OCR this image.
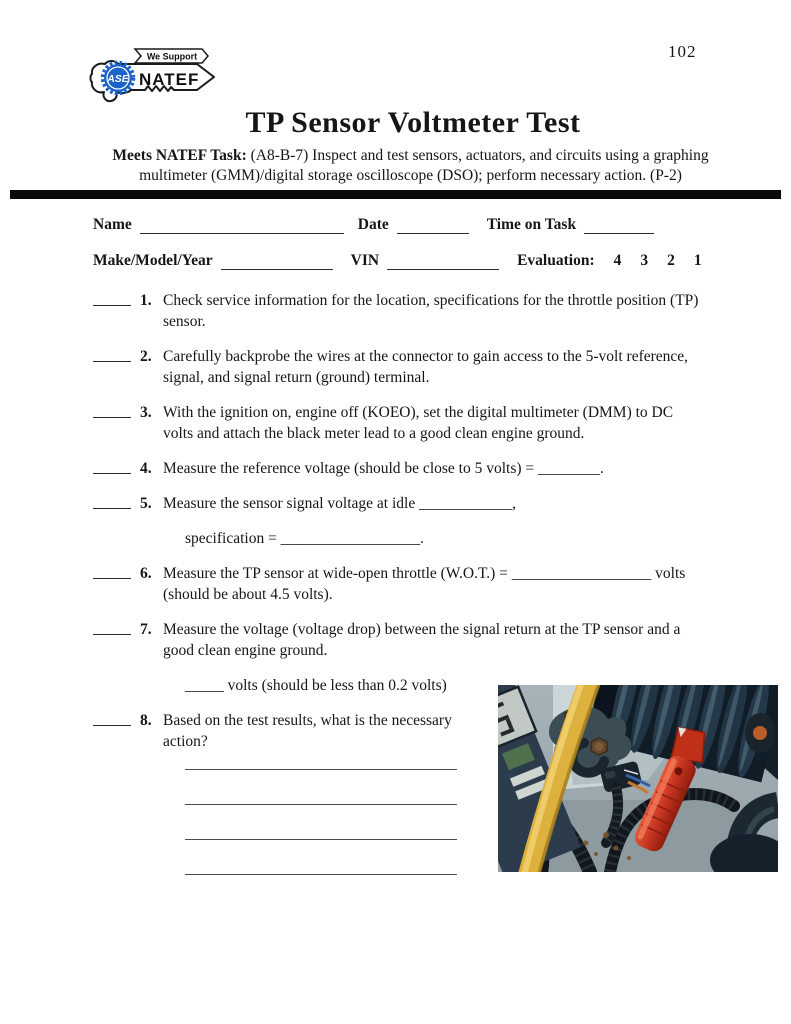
102
We Support
ASE NATEF
TP Sensor Voltmeter Test
Meets NATEF Task: (A8-B-7) Inspect and test sensors, actuators, and circuits using a graphing
multimeter (GMM)/digital storage oscilloscope (DSO); perform necessary action. (P-2)
Name	Date	Time on Task
Make/Model/Year	VIN	Evaluation: 4 3 2 1
1. Check service information for the location, specifications for the throttle position (TP)
sensor.
2. Carefully backprobe the wires at the connector to gain access to the 5-volt reference,
signal, and signal return (ground) terminal.
3. With the ignition on, engine off (KOEO), set the digital multimeter (DMM) to DC
volts and attach the black meter lead to a good clean engine ground.
4. Measure the reference voltage (should be close to 5 volts) = ________.
5. Measure the sensor signal voltage at idle ____________,
specification = __________________.
6. Measure the TP sensor at wide-open throttle (W.O.T.) = __________________ volts
(should be about 4.5 volts).
7. Measure the voltage (voltage drop) between the signal return at the TP sensor and a
good clean engine ground.
_____ volts (should be less than 0.2 volts)
8. Based on the test results, what is the necessary
action?
